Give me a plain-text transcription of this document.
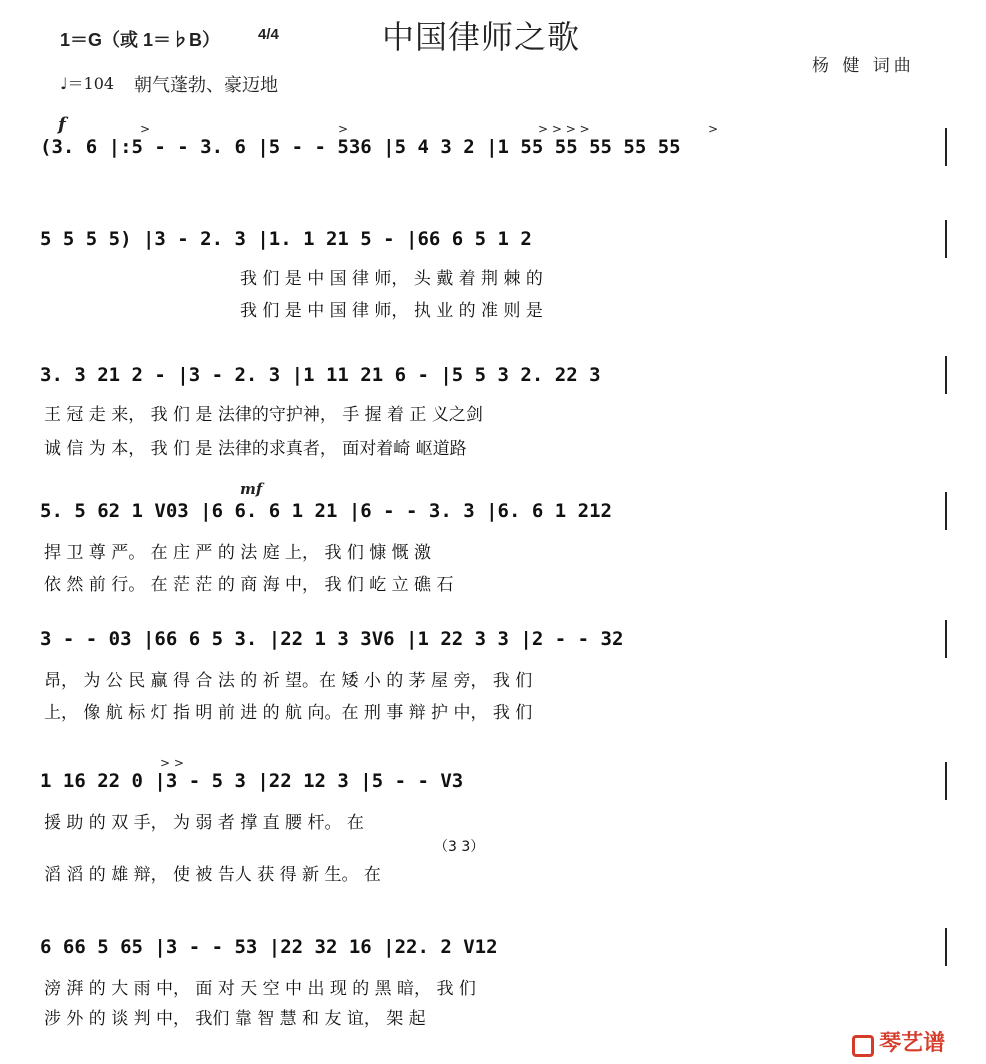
1＝G（或 1＝♭B）	4/4	中国律师之歌
♩＝104 朝气蓬勃、豪迈地
杨 健 词曲
f	>	>	> > > >	>
(3. 6 |:5 - - 3. 6 |5 - - 536 |5 4 3 2 |1 55 55 55 55 55
5 5 5 5) |3 - 2. 3 |1. 1 21 5 - |66 6 5 1 2
我 们 是 中 国 律 师， 头 戴 着 荆 棘 的
我 们 是 中 国 律 师， 执 业 的 准 则 是
3. 3 21 2 - |3 - 2. 3 |1 11 21 6 - |5 5 3 2. 22 3
王 冠 走 来， 我 们 是 法律的守护神， 手 握 着 正 义之剑
诚 信 为 本， 我 们 是 法律的求真者， 面对着崎 岖道路
mf
5. 5 62 1 V03 |6 6. 6 1 21 |6 - - 3. 3 |6. 6 1 212
捍 卫 尊 严。 在 庄 严 的 法 庭 上， 我 们 慷 慨 激
依 然 前 行。 在 茫 茫 的 商 海 中， 我 们 屹 立 礁 石
3 - - 03 |66 6 5 3. |22 1 3 3V6 |1 22 3 3 |2 - - 32
昂， 为 公 民 赢 得 合 法 的 祈 望。在 矮 小 的 茅 屋 旁， 我 们
上， 像 航 标 灯 指 明 前 进 的 航 向。在 刑 事 辩 护 中， 我 们
> >
1 16 22 0 |3 - 5 3 |22 12 3 |5 - - V3
援 助 的 双 手， 为 弱 者 撑 直 腰 杆。 在
（3 3）
滔 滔 的 雄 辩， 使 被 告人 获 得 新 生。 在
6 66 5 65 |3 - - 53 |22 32 16 |22. 2 V12
滂 湃 的 大 雨 中， 面 对 天 空 中 出 现 的 黑 暗， 我 们
涉 外 的 谈 判 中， 我们 靠 智 慧 和 友 谊， 架 起
琴艺谱
